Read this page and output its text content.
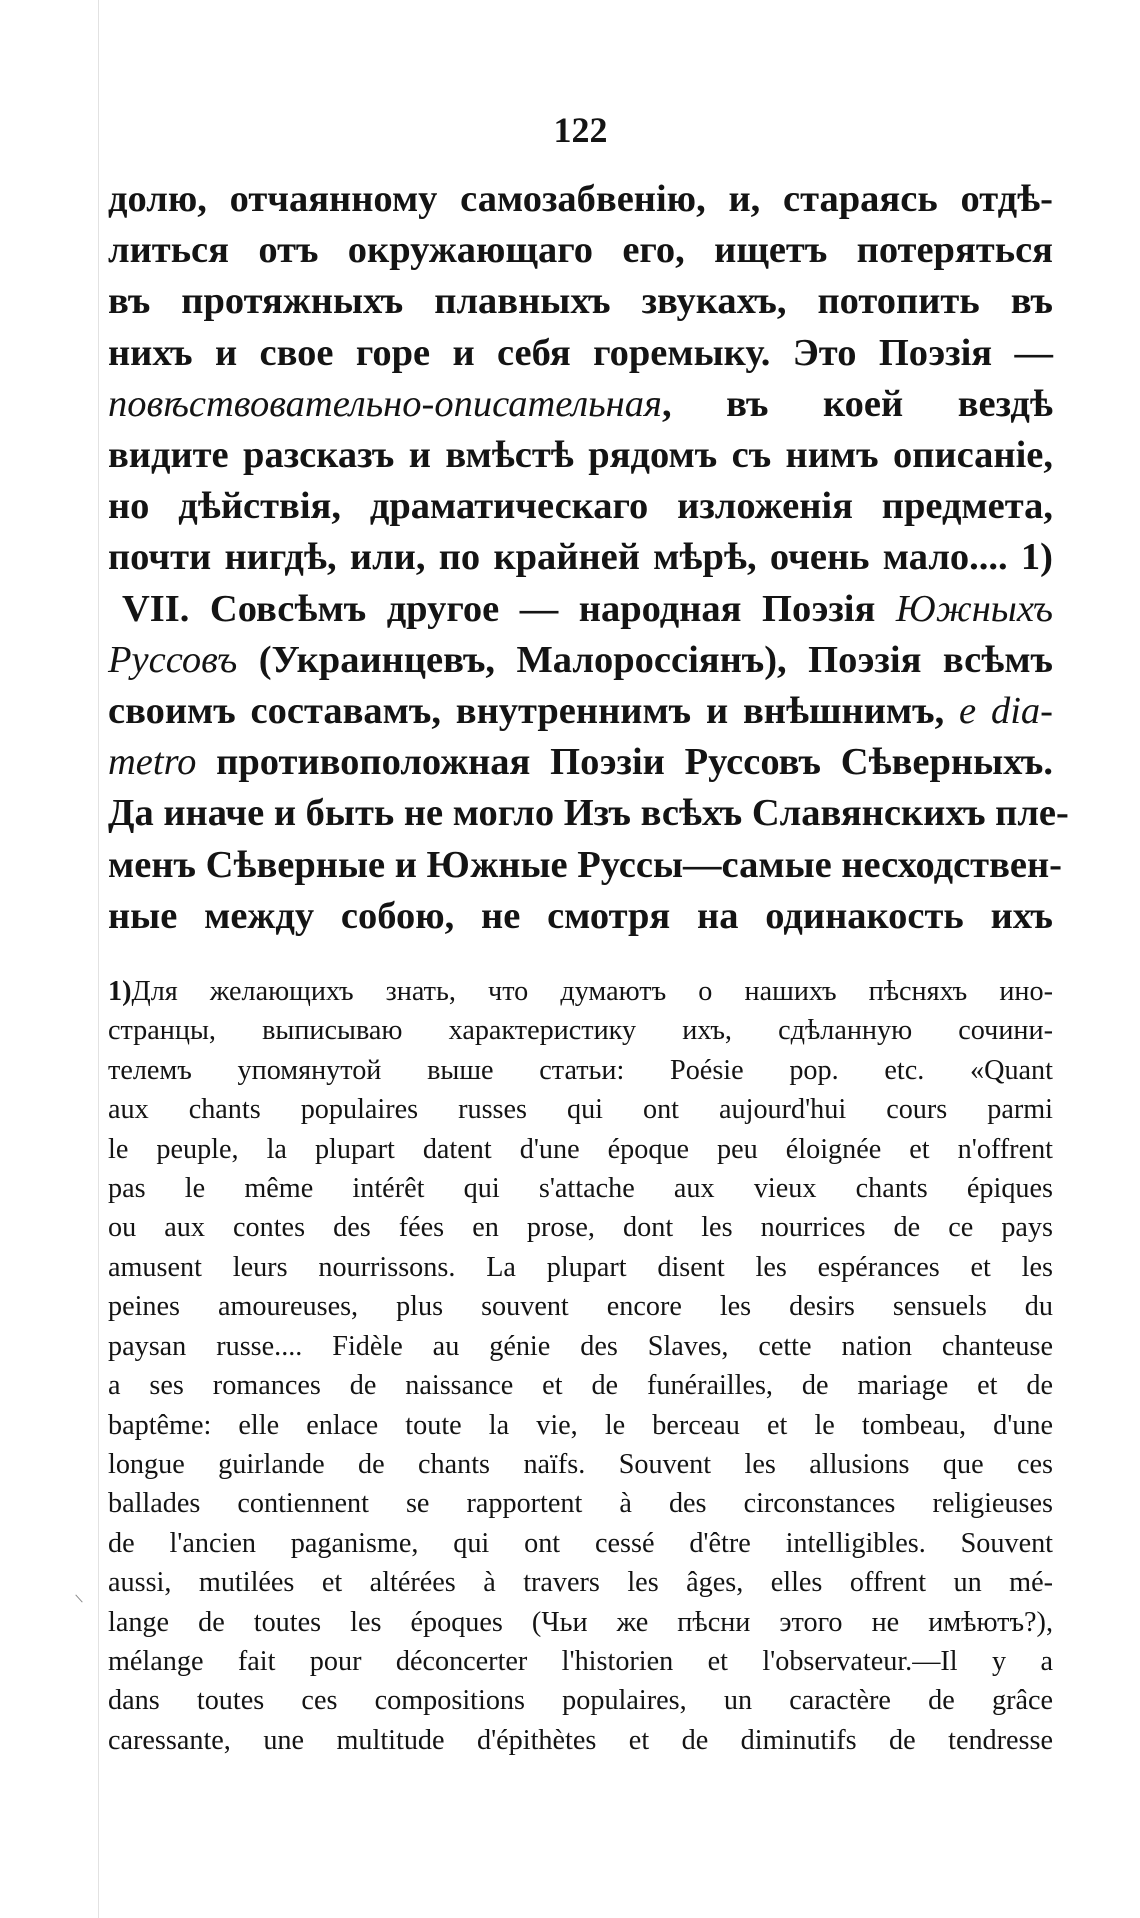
122
долю, отчаянному самозабвенію, и, стараясь отдѣ-
литься отъ окружающаго его, ищетъ потеряться
въ протяжныхъ плавныхъ звукахъ, потопить въ
нихъ и свое горе и себя горемыку. Это Поэзія —
повѣствовательно-описательная, въ коей вездѣ
видите разсказъ и вмѣстѣ рядомъ съ нимъ описаніе,
но дѣйствія, драматическаго изложенія предмета,
почти нигдѣ, или, по крайней мѣрѣ, очень мало.... 1)
VII. Совсѣмъ другое — народная Поэзія Южныхъ
Руссовъ (Украинцевъ, Малороссіянъ), Поэзія всѣмъ
своимъ составамъ, внутреннимъ и внѣшнимъ, e dia-
metro противоположная Поэзіи Руссовъ Сѣверныхъ.
Да иначе и быть не могло Изъ всѣхъ Славянскихъ пле-
менъ Сѣверные и Южные Руссы—самые несходствен-
ные между собою, не смотря на одинакость ихъ
1)Для желающихъ знать, что думаютъ о нашихъ пѣсняхъ ино-
странцы, выписываю характеристику ихъ, сдѣланную сочини-
телемъ упомянутой выше статьи: Poésie pop. etc. «Quant
aux chants populaires russes qui ont aujourd'hui cours parmi
le peuple, la plupart datent d'une époque peu éloignée et n'offrent
pas le même intérêt qui s'attache aux vieux chants épiques
ou aux contes des fées en prose, dont les nourrices de ce pays
amusent leurs nourrissons. La plupart disent les espérances et les
peines amoureuses, plus souvent encore les desirs sensuels du
paysan russe.... Fidèle au génie des Slaves, cette nation chanteuse
a ses romances de naissance et de funérailles, de mariage et de
baptême: elle enlace toute la vie, le berceau et le tombeau, d'une
longue guirlande de chants naïfs. Souvent les allusions que ces
ballades contiennent se rapportent à des circonstances religieuses
de l'ancien paganisme, qui ont cessé d'être intelligibles. Souvent
aussi, mutilées et altérées à travers les âges, elles offrent un mé-
lange de toutes les époques (Чьи же пѣсни этого не имѣютъ?),
mélange fait pour déconcerter l'historien et l'observateur.—Il y a
dans toutes ces compositions populaires, un caractère de grâce
caressante, une multitude d'épithètes et de diminutifs de tendresse
